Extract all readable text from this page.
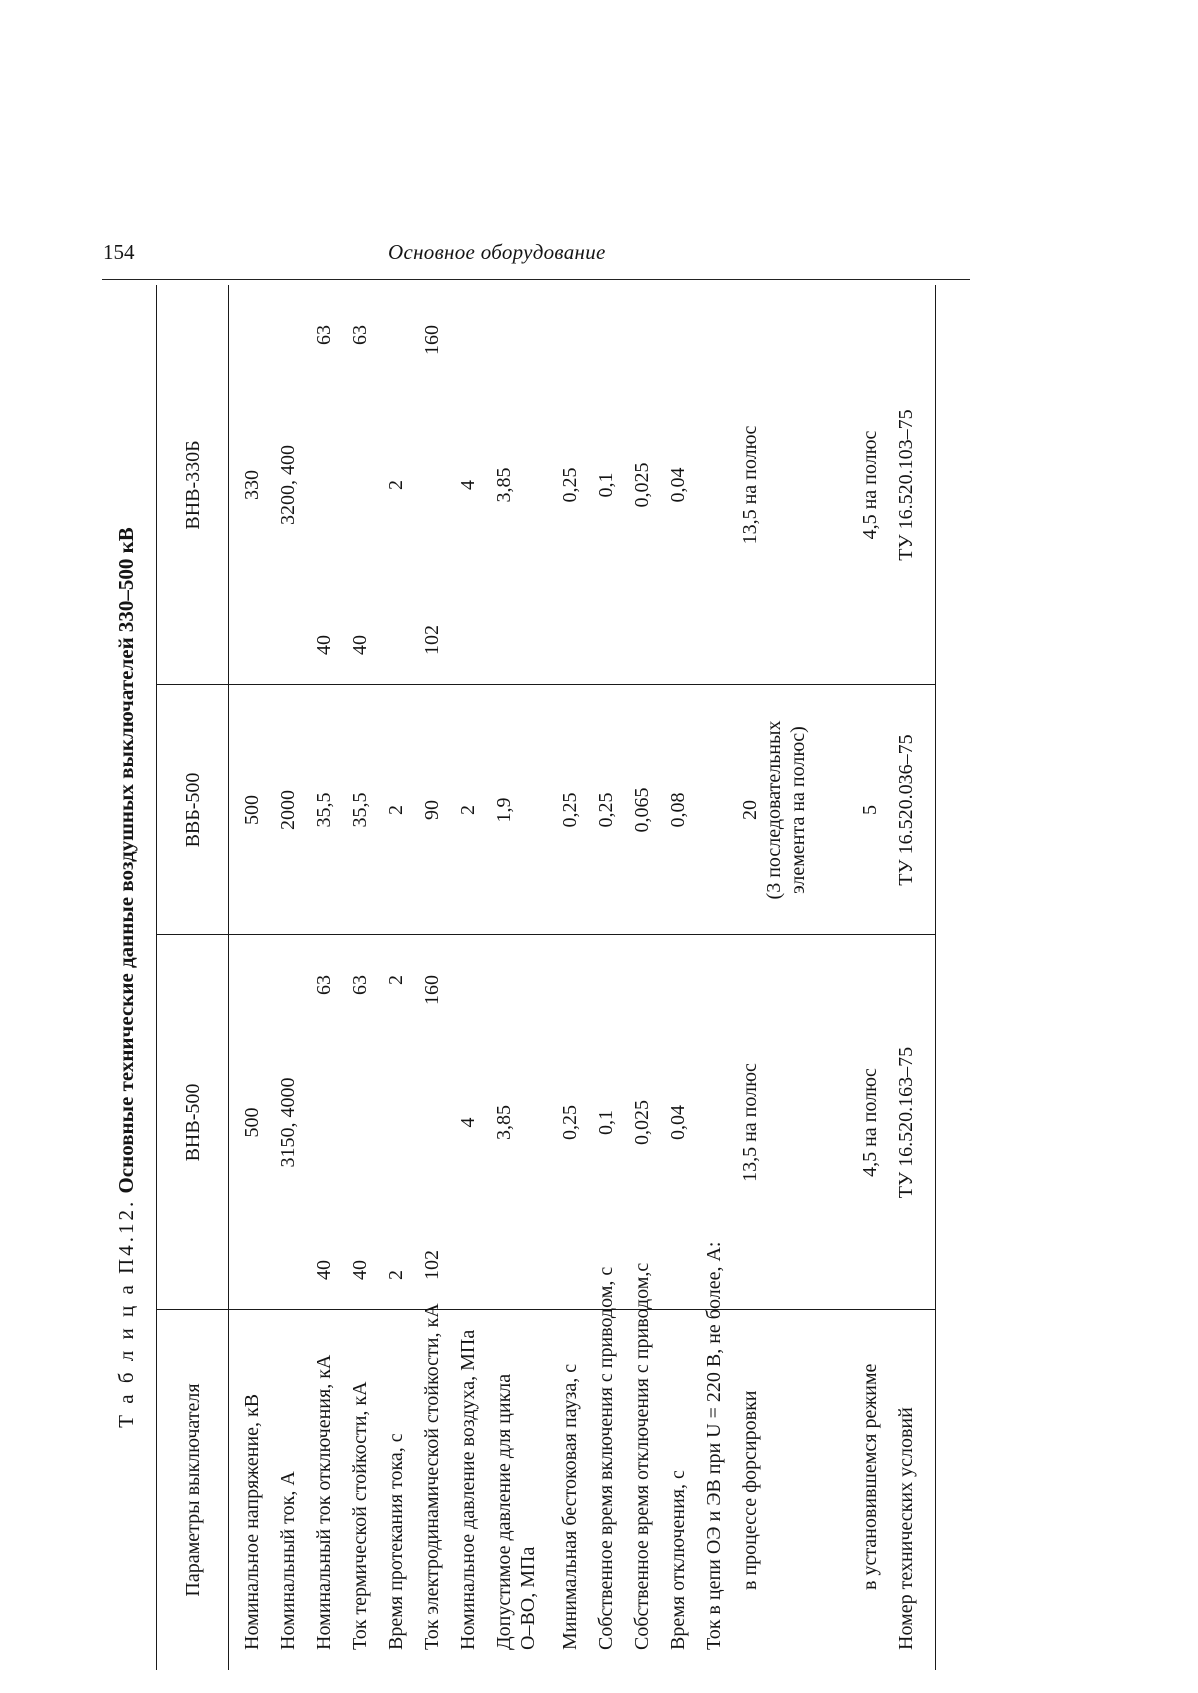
154	Основное оборудование
Т а б л и ц а П4.12. Основные технические данные воздушных выключателей 330–500 кВ
Параметры выключателя
ВНВ-500
ВВБ-500
ВНВ-330Б
Номинальное напряжение, кВ
500
500
330
Номинальный ток, А
3150, 4000
2000
3200, 400
Номинальный ток отключения, кА
40
63
35,5
40
63
Ток термической стойкости, кА
40
63
35,5
40
63
Время протекания тока, с
2
2
2
2
Ток электродинамической стойкости, кА
102
160
90
102
160
Номинальное давление воздуха, МПа
4
2
4
Допустимое давление для цикла О–ВО, МПа
3,85
1,9
3,85
Минимальная бестоковая пауза, с
0,25
0,25
0,25
Собственное время включения с приводом, с
0,1
0,25
0,1
Собственное время отключения с приводом,с
0,025
0,065
0,025
Время отключения, с
0,04
0,08
0,04
Ток в цепи ОЭ и ЭВ при U = 220 В, не более, А: в процессе форсировки
13,5 на полюс
20 (3 последовательных элемента на полюс)
13,5 на полюс
в установившемся режиме
4,5 на полюс
5
4,5 на полюс
Номер технических условий
ТУ 16.520.163–75
ТУ 16.520.036–75
ТУ 16.520.103–75
